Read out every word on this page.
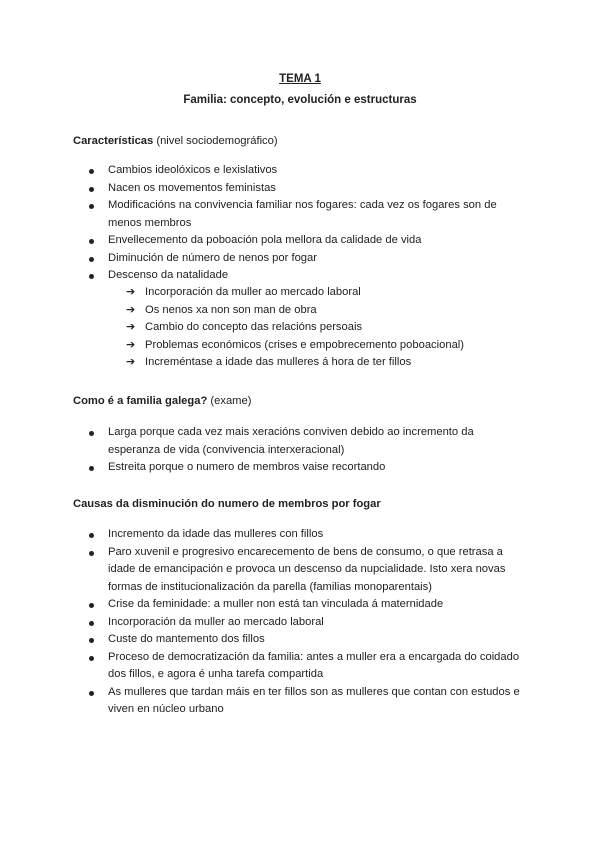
TEMA 1
Familia: concepto, evolución e estructuras
Características (nivel sociodemográfico)
Cambios ideolóxicos e lexislativos
Nacen os movementos feministas
Modificacións na convivencia familiar nos fogares: cada vez os fogares son de menos membros
Envellecemento da poboación pola mellora da calidade de vida
Diminución de número de nenos por fogar
Descenso da natalidade
➔ Incorporación da muller ao mercado laboral
➔ Os nenos xa non son man de obra
➔ Cambio do concepto das relacións persoais
➔ Problemas económicos (crises e empobrecemento poboacional)
➔ Increméntase a idade das mulleres á hora de ter fillos
Como é a familia galega? (exame)
Larga porque cada vez mais xeracións conviven debido ao incremento da esperanza de vida (convivencia interxeracional)
Estreita porque o numero de membros vaise recortando
Causas da disminución do numero de membros por fogar
Incremento da idade das mulleres con fillos
Paro xuvenil e progresivo encarecemento de bens de consumo, o que retrasa a idade de emancipación e provoca un descenso da nupcialidade. Isto xera novas formas de institucionalización da parella (familias monoparentais)
Crise da feminidade: a muller non está tan vinculada á maternidade
Incorporación da muller ao mercado laboral
Custe do mantemento dos fillos
Proceso de democratización da familia: antes a muller era a encargada do coidado dos fillos, e agora é unha tarefa compartida
As mulleres que tardan máis en ter fillos son as mulleres que contan con estudos e viven en núcleo urbano
